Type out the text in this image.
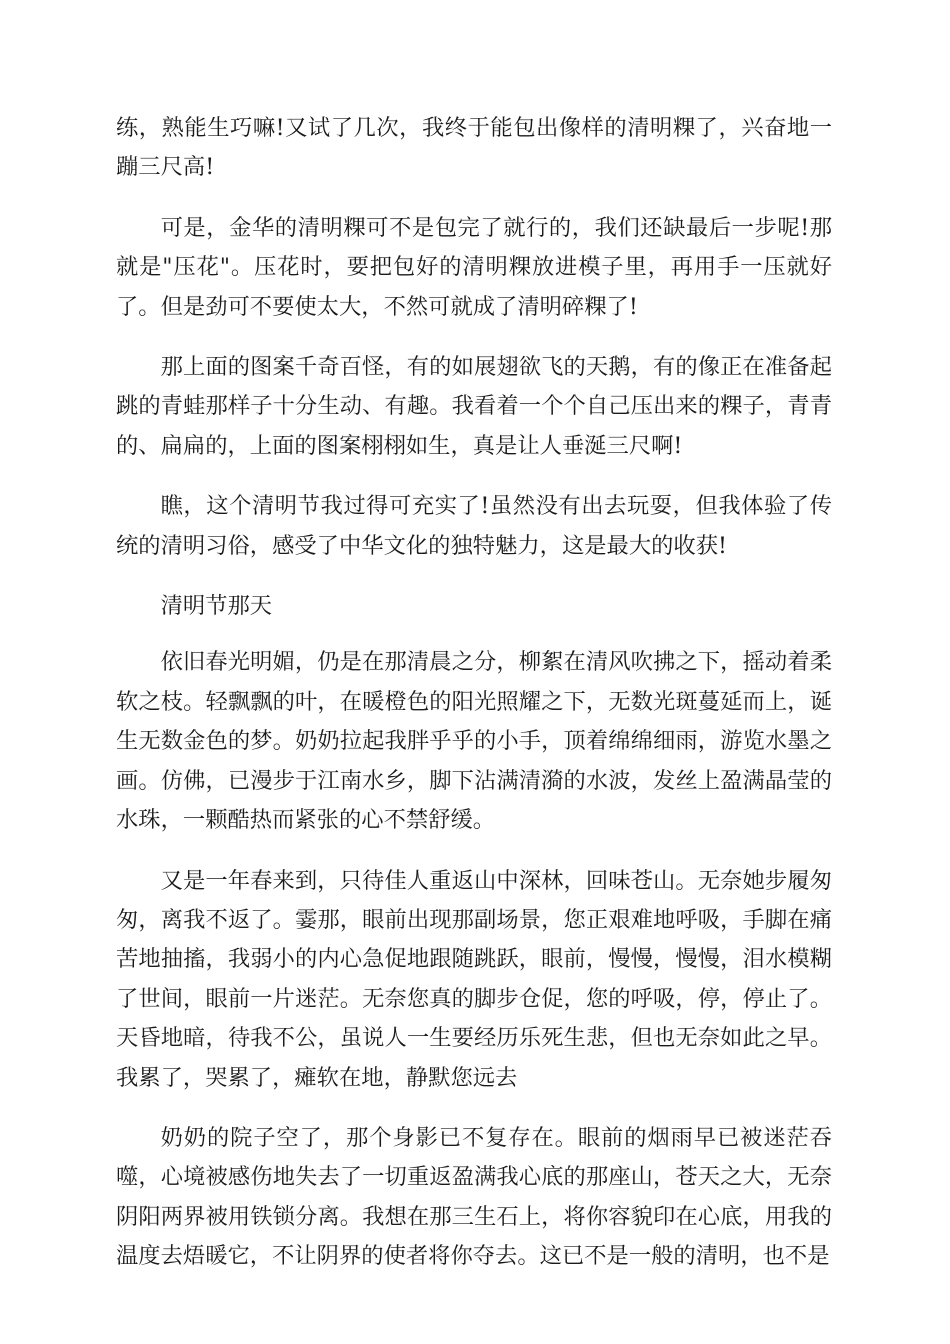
练，熟能生巧嘛!又试了几次，我终于能包出像样的清明粿了，兴奋地一蹦三尺高!

可是，金华的清明粿可不是包完了就行的，我们还缺最后一步呢!那就是"压花"。压花时，要把包好的清明粿放进模子里，再用手一压就好了。但是劲可不要使太大，不然可就成了清明碎粿了!

那上面的图案千奇百怪，有的如展翅欲飞的天鹅，有的像正在准备起跳的青蛙那样子十分生动、有趣。我看着一个个自己压出来的粿子，青青的、扁扁的，上面的图案栩栩如生，真是让人垂涎三尺啊!

瞧，这个清明节我过得可充实了!虽然没有出去玩耍，但我体验了传统的清明习俗，感受了中华文化的独特魅力，这是最大的收获!

清明节那天

依旧春光明媚，仍是在那清晨之分，柳絮在清风吹拂之下，摇动着柔软之枝。轻飘飘的叶，在暖橙色的阳光照耀之下，无数光斑蔓延而上，诞生无数金色的梦。奶奶拉起我胖乎乎的小手，顶着绵绵细雨，游览水墨之画。仿佛，已漫步于江南水乡，脚下沾满清漪的水波，发丝上盈满晶莹的水珠，一颗酷热而紧张的心不禁舒缓。

又是一年春来到，只待佳人重返山中深林，回味苍山。无奈她步履匆匆，离我不返了。霎那，眼前出现那副场景，您正艰难地呼吸，手脚在痛苦地抽搐，我弱小的内心急促地跟随跳跃，眼前，慢慢，慢慢，泪水模糊了世间，眼前一片迷茫。无奈您真的脚步仓促，您的呼吸，停，停止了。天昏地暗，待我不公，虽说人一生要经历乐死生悲，但也无奈如此之早。我累了，哭累了，瘫软在地，静默您远去

奶奶的院子空了，那个身影已不复存在。眼前的烟雨早已被迷茫吞噬，心境被感伤地失去了一切重返盈满我心底的那座山，苍天之大，无奈阴阳两界被用铁锁分离。我想在那三生石上，将你容貌印在心底，用我的温度去焐暖它，不让阴界的使者将你夺去。这已不是一般的清明，也不是
